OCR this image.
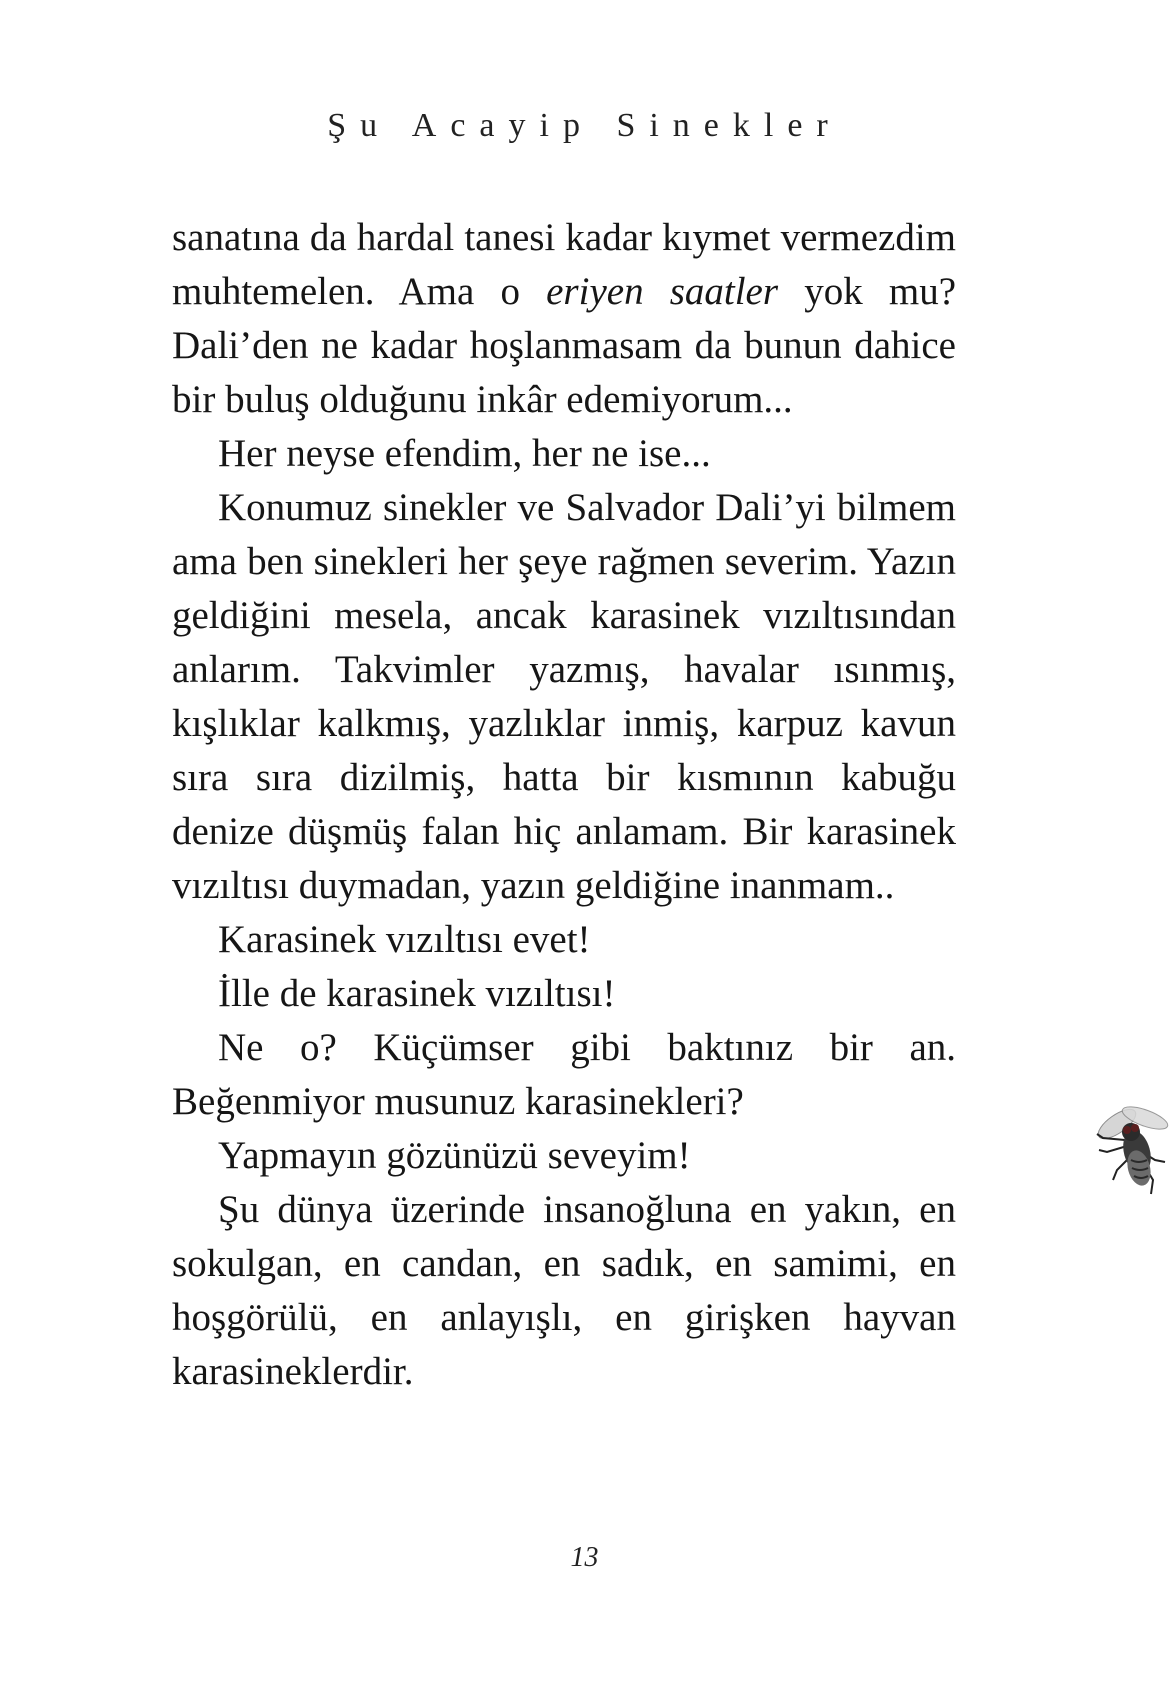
Şu Acayip Sinekler

sanatına da hardal tanesi kadar kıymet vermezdim muhtemelen. Ama o eriyen saatler yok mu? Dali’den ne kadar hoşlanmasam da bunun dahice bir buluş olduğunu inkâr edemiyorum...

Her neyse efendim, her ne ise...

Konumuz sinekler ve Salvador Dali’yi bilmem ama ben sinekleri her şeye rağmen severim. Yazın geldiğini mesela, ancak karasinek vızıltısından anlarım. Takvimler yazmış, havalar ısınmış, kışlıklar kalkmış, yazlıklar inmiş, karpuz kavun sıra sıra dizilmiş, hatta bir kısmının kabuğu denize düşmüş falan hiç anlamam. Bir karasinek vızıltısı duymadan, yazın geldiğine inanmam..

Karasinek vızıltısı evet!

İlle de karasinek vızıltısı!

Ne o? Küçümser gibi baktınız bir an. Beğenmiyor musunuz karasinekleri?

Yapmayın gözünüzü seveyim!

Şu dünya üzerinde insanoğluna en yakın, en sokulgan, en candan, en sadık, en samimi, en hoşgörülü, en anlayışlı, en girişken hayvan karasineklerdir.

13
